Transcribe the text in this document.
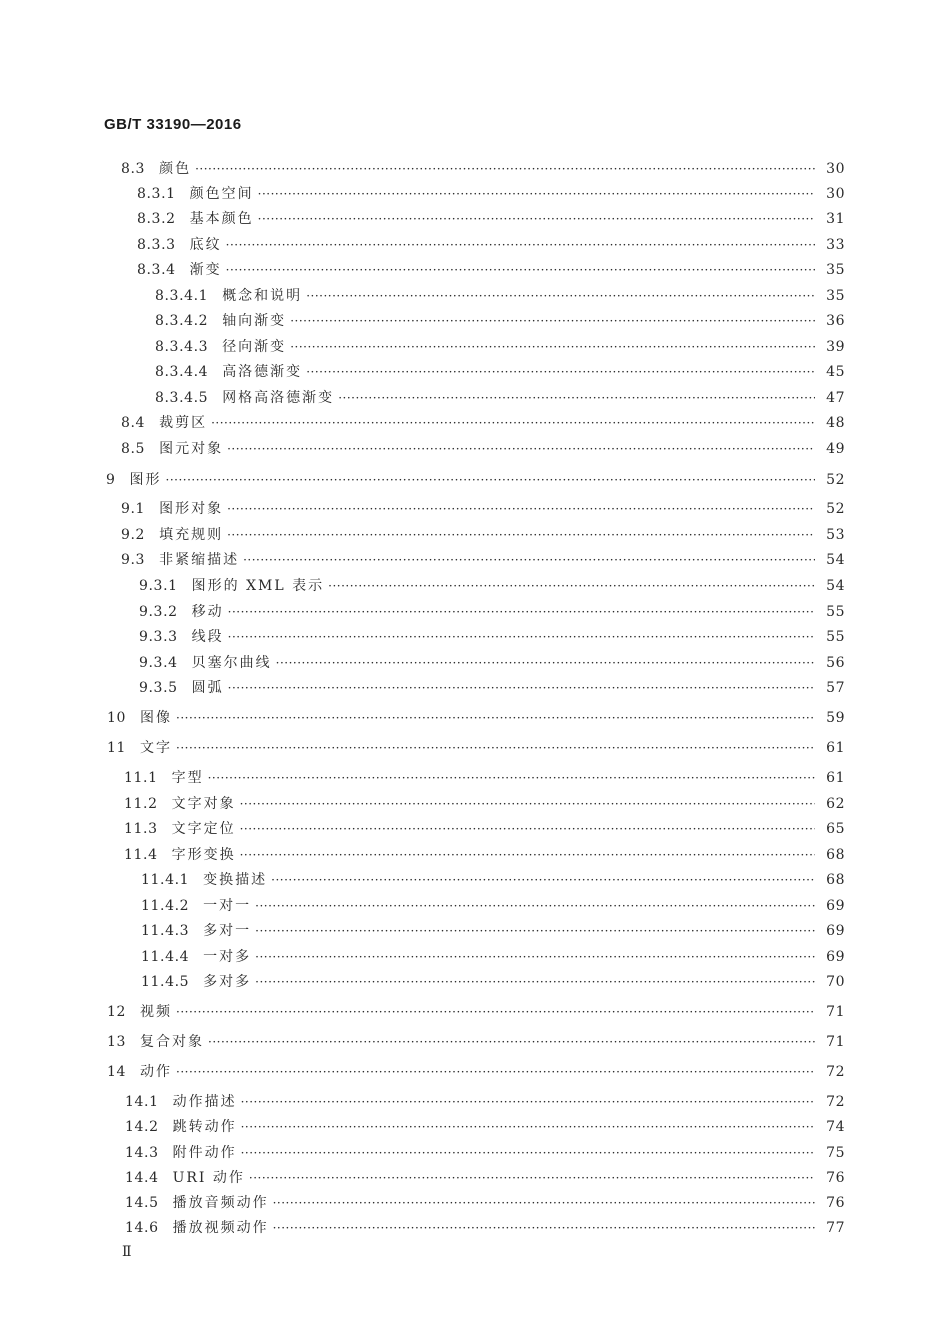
GB/T 33190—2016
8.3 颜色 ·····	30
8.3.1 颜色空间 ·····	30
8.3.2 基本颜色 ·····	31
8.3.3 底纹 ·····	33
8.3.4 渐变 ·····	35
8.3.4.1 概念和说明 ·····	35
8.3.4.2 轴向渐变 ·····	36
8.3.4.3 径向渐变 ·····	39
8.3.4.4 高洛德渐变 ·····	45
8.3.4.5 网格高洛德渐变 ·····	47
8.4 裁剪区 ·····	48
8.5 图元对象 ·····	49
9 图形 ·····	52
9.1 图形对象 ·····	52
9.2 填充规则 ·····	53
9.3 非紧缩描述 ·····	54
9.3.1 图形的 XML 表示 ·····	54
9.3.2 移动 ·····	55
9.3.3 线段 ·····	55
9.3.4 贝塞尔曲线 ·····	56
9.3.5 圆弧 ·····	57
10 图像 ·····	59
11 文字 ·····	61
11.1 字型 ·····	61
11.2 文字对象 ·····	62
11.3 文字定位 ·····	65
11.4 字形变换 ·····	68
11.4.1 变换描述 ·····	68
11.4.2 一对一 ·····	69
11.4.3 多对一 ·····	69
11.4.4 一对多 ·····	69
11.4.5 多对多 ·····	70
12 视频 ·····	71
13 复合对象 ·····	71
14 动作 ·····	72
14.1 动作描述 ·····	72
14.2 跳转动作 ·····	74
14.3 附件动作 ·····	75
14.4 URI 动作 ·····	76
14.5 播放音频动作 ·····	76
14.6 播放视频动作 ·····	77
Ⅱ
